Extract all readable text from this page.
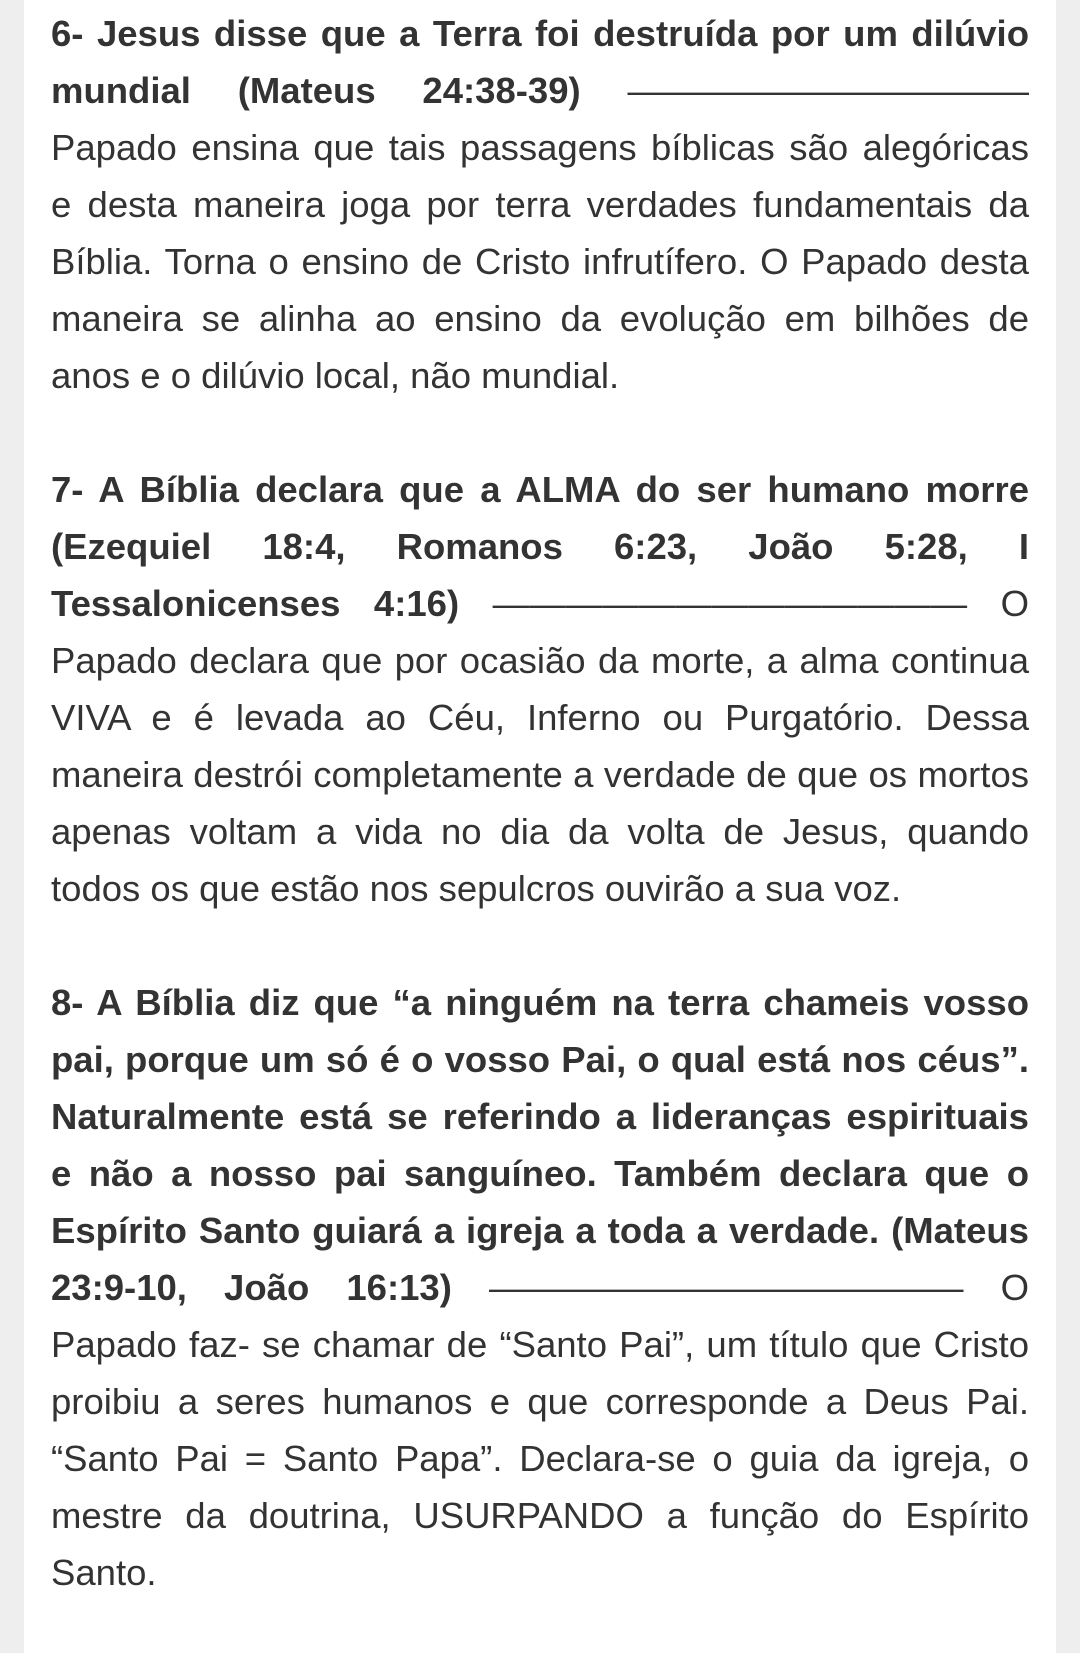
6- Jesus disse que a Terra foi destruída por um dilúvio mundial (Mateus 24:38-39) ——————————— Papado ensina que tais passagens bíblicas são alegóricas e desta maneira joga por terra verdades fundamentais da Bíblia. Torna o ensino de Cristo infrutífero. O Papado desta maneira se alinha ao ensino da evolução em bilhões de anos e o dilúvio local, não mundial.

7- A Bíblia declara que a ALMA do ser humano morre (Ezequiel 18:4, Romanos 6:23, João 5:28, I Tessalonicenses 4:16) ————————————— O Papado declara que por ocasião da morte, a alma continua VIVA e é levada ao Céu, Inferno ou Purgatório. Dessa maneira destrói completamente a verdade de que os mortos apenas voltam a vida no dia da volta de Jesus, quando todos os que estão nos sepulcros ouvirão a sua voz.

8- A Bíblia diz que “a ninguém na terra chameis vosso pai, porque um só é o vosso Pai, o qual está nos céus”. Naturalmente está se referindo a lideranças espirituais e não a nosso pai sanguíneo. Também declara que o Espírito Santo guiará a igreja a toda a verdade. (Mateus 23:9-10, João 16:13) ————————————— O Papado faz- se chamar de “Santo Pai”, um título que Cristo proibiu a seres humanos e que corresponde a Deus Pai. “Santo Pai = Santo Papa”. Declara-se o guia da igreja, o mestre da doutrina, USURPANDO a função do Espírito Santo.
